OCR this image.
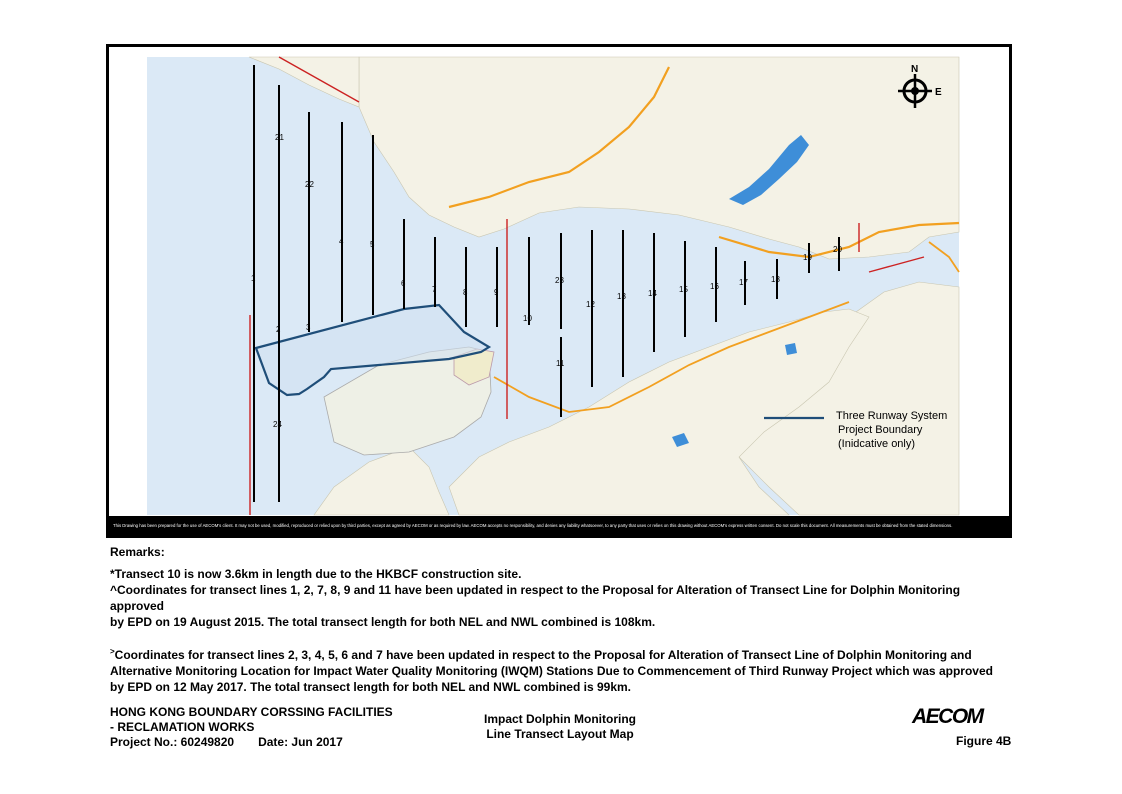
21
22
4	5
1
6
7	8	9
2	3
10
23
12
13	14	15	16	17	18
19
20
11
24
Three Runway System
Project Boundary
(Inidcative only)
N
E
This Drawing has been prepared for the use of AECOM's client. It may not be used, modified, reproduced or relied upon by third parties, except as agreed by AECOM or as required by law. AECOM accepts no responsibility, and denies any liability whatsoever, to any party that uses or relies on this drawing without AECOM's express written consent. Do not scale this document. All measurements must be obtained from the stated dimensions.

Remarks:

*Transect 10 is now 3.6km in length due to the HKBCF construction site.

^Coordinates for transect lines 1, 2, 7, 8, 9 and 11 have been updated in respect to the Proposal for Alteration of Transect Line for Dolphin Monitoring approved

by EPD on 19 August 2015. The total transect length for both NEL and NWL combined is 108km.

>Coordinates for transect lines 2, 3, 4, 5, 6 and 7 have been updated in respect to the Proposal for Alteration of Transect Line of Dolphin Monitoring and

Alternative Monitoring Location for Impact Water Quality Monitoring (IWQM) Stations Due to Commencement of Third Runway Project which was approved

by EPD on 12 May 2017. The total transect length for both NEL and NWL combined is 99km.

HONG KONG BOUNDARY CORSSING FACILITIES
- RECLAMATION WORKS
Project No.: 60249820 Date: Jun 2017
Impact Dolphin Monitoring
Line Transect Layout Map
AECOM
Figure 4B
